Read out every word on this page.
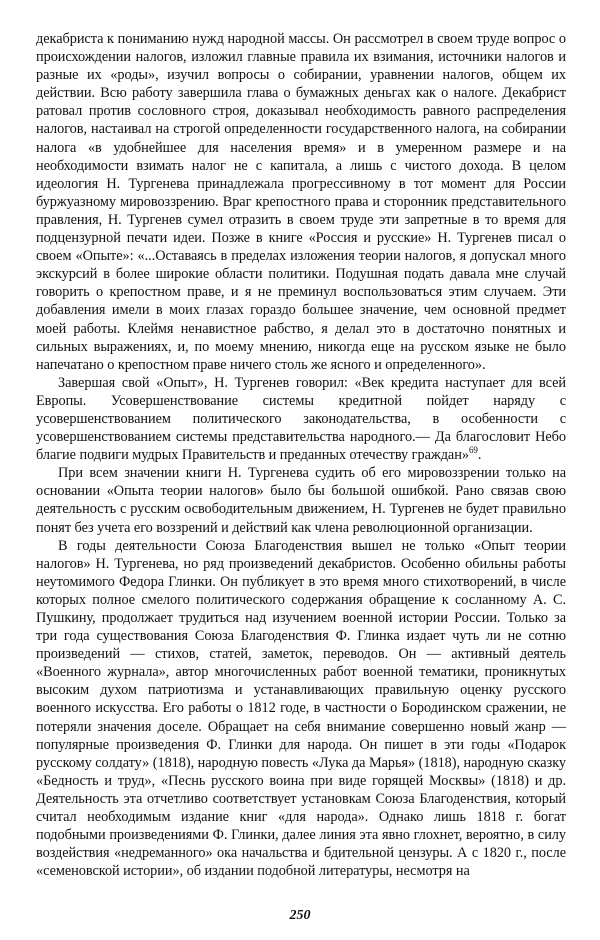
декабриста к пониманию нужд народной массы. Он рассмотрел в своем труде вопрос о происхождении налогов, изложил главные правила их взимания, источники налогов и разные их «роды», изучил вопросы о собирании, уравнении налогов, общем их действии. Всю работу завершила глава о бумажных деньгах как о налоге. Декабрист ратовал против сословного строя, доказывал необходимость равного распределения налогов, настаивал на строгой определенности государственного налога, на собирании налога «в удобнейшее для населения время» и в умеренном размере и на необходимости взимать налог не с капитала, а лишь с чистого дохода. В целом идеология Н. Тургенева принадлежала прогрессивному в тот момент для России буржуазному мировоззрению. Враг крепостного права и сторонник представительного правления, Н. Тургенев сумел отразить в своем труде эти запретные в то время для подцензурной печати идеи. Позже в книге «Россия и русские» Н. Тургенев писал о своем «Опыте»: «...Оставаясь в пределах изложения теории налогов, я допускал много экскурсий в более широкие области политики. Подушная подать давала мне случай говорить о крепостном праве, и я не преминул воспользоваться этим случаем. Эти добавления имели в моих глазах гораздо большее значение, чем основной предмет моей работы. Клеймя ненавистное рабство, я делал это в достаточно понятных и сильных выражениях, и, по моему мнению, никогда еще на русском языке не было напечатано о крепостном праве ничего столь же ясного и определенного».

Завершая свой «Опыт», Н. Тургенев говорил: «Век кредита наступает для всей Европы. Усовершенствование системы кредитной пойдет наряду с усовершенствованием политического законодательства, в особенности с усовершенствованием системы представительства народного.— Да благословит Небо благие подвиги мудрых Правительств и преданных отечеству граждан»$^{69}$.

При всем значении книги Н. Тургенева судить об его мировоззрении только на основании «Опыта теории налогов» было бы большой ошибкой. Рано связав свою деятельность с русским освободительным движением, Н. Тургенев не будет правильно понят без учета его воззрений и действий как члена революционной организации.

В годы деятельности Союза Благоденствия вышел не только «Опыт теории налогов» Н. Тургенева, но ряд произведений декабристов. Особенно обильны работы неутомимого Федора Глинки. Он публикует в это время много стихотворений, в числе которых полное смелого политического содержания обращение к сосланному А. С. Пушкину, продолжает трудиться над изучением военной истории России. Только за три года существования Союза Благоденствия Ф. Глинка издает чуть ли не сотню произведений — стихов, статей, заметок, переводов. Он — активный деятель «Военного журнала», автор многочисленных работ военной тематики, проникнутых высоким духом патриотизма и устанавливающих правильную оценку русского военного искусства. Его работы о 1812 годе, в частности о Бородинском сражении, не потеряли значения доселе. Обращает на себя внимание совершенно новый жанр — популярные произведения Ф. Глинки для народа. Он пишет в эти годы «Подарок русскому солдату» (1818), народную повесть «Лука да Марья» (1818), народную сказку «Бедность и труд», «Песнь русского воина при виде горящей Москвы» (1818) и др. Деятельность эта отчетливо соответствует установкам Союза Благоденствия, который считал необходимым издание книг «для народа». Однако лишь 1818 г. богат подобными произведениями Ф. Глинки, далее линия эта явно глохнет, вероятно, в силу воздействия «недреманного» ока начальства и бдительной цензуры. А с 1820 г., после «семеновской истории», об издании подобной литературы, несмотря на

250
